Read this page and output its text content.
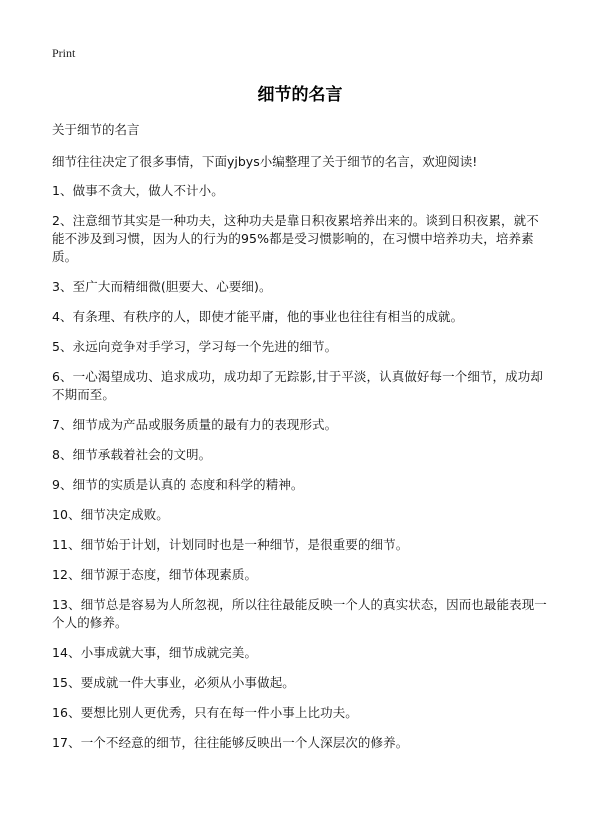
Print
细节的名言

关于细节的名言

细节往往决定了很多事情，下面yjbys小编整理了关于细节的名言，欢迎阅读!

1、做事不贪大，做人不计小。
2、注意细节其实是一种功夫，这种功夫是靠日积夜累培养出来的。谈到日积夜累，就不能不涉及到习惯，因为人的行为的95%都是受习惯影响的，在习惯中培养功夫，培养素质。
3、至广大而精细微(胆要大、心要细)。
4、有条理、有秩序的人，即使才能平庸，他的事业也往往有相当的成就。
5、永远向竞争对手学习，学习每一个先进的细节。
6、一心渴望成功、追求成功，成功却了无踪影,甘于平淡，认真做好每一个细节，成功却不期而至。
7、细节成为产品或服务质量的最有力的表现形式。
8、细节承载着社会的文明。
9、细节的实质是认真的 态度和科学的精神。
10、细节决定成败。
11、细节始于计划，计划同时也是一种细节，是很重要的细节。
12、细节源于态度，细节体现素质。
13、细节总是容易为人所忽视，所以往往最能反映一个人的真实状态，因而也最能表现一个人的修养。
14、小事成就大事，细节成就完美。
15、要成就一件大事业，必须从小事做起。
16、要想比别人更优秀，只有在每一件小事上比功夫。
17、一个不经意的细节，往往能够反映出一个人深层次的修养。
